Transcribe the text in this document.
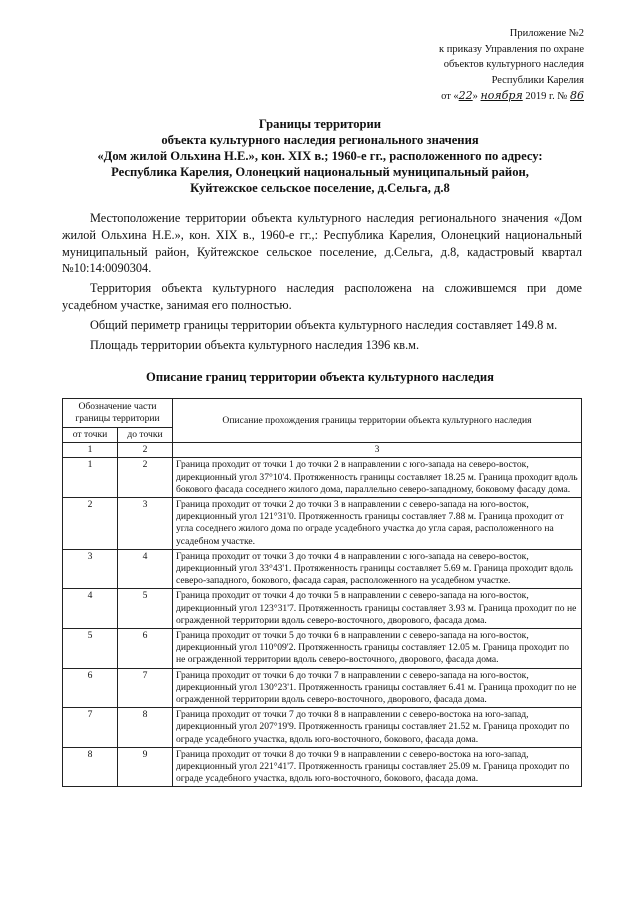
Приложение №2
к приказу Управления по охране
объектов культурного наследия
Республики Карелия
от «22» ноября 2019 г. № 86
Границы территории
объекта культурного наследия регионального значения
«Дом жилой Ольхина Н.Е.», кон. XIX в.; 1960-е гг., расположенного по адресу:
Республика Карелия, Олонецкий национальный муниципальный район,
Куйтежское сельское поселение, д.Сельга, д.8

Местоположение территории объекта культурного наследия регионального значения «Дом жилой Ольхина Н.Е.», кон. XIX в., 1960-е гг.,: Республика Карелия, Олонецкий национальный муниципальный район, Куйтежское сельское поселение, д.Сельга, д.8, кадастровый квартал №10:14:0090304.

Территория объекта культурного наследия расположена на сложившемся при доме усадебном участке, занимая его полностью.

Общий периметр границы территории объекта культурного наследия составляет 149.8 м.

Площадь территории объекта культурного наследия 1396 кв.м.

Описание границ территории объекта культурного наследия
Обозначение части границы территории		Описание прохождения границы территории объекта культурного наследия
от точки	до точки	
1	2	3
1	2	Граница проходит от точки 1 до точки 2 в направлении с юго-запада на северо-восток, дирекционный угол 37°10'4. Протяженность границы составляет 18.25 м. Граница проходит вдоль бокового фасада соседнего жилого дома, параллельно северо-западному, боковому фасаду дома.
2	3	Граница проходит от точки 2 до точки 3 в направлении с северо-запада на юго-восток, дирекционный угол 121°31'0. Протяженность границы составляет 7.88 м. Граница проходит от угла соседнего жилого дома по ограде усадебного участка до угла сарая, расположенного на усадебном участке.
3	4	Граница проходит от точки 3 до точки 4 в направлении с юго-запада на северо-восток, дирекционный угол 33°43'1. Протяженность границы составляет 5.69 м. Граница проходит вдоль северо-западного, бокового, фасада сарая, расположенного на усадебном участке.
4	5	Граница проходит от точки 4 до точки 5 в направлении с северо-запада на юго-восток, дирекционный угол 123°31'7. Протяженность границы составляет 3.93 м. Граница проходит по не огражденной территории вдоль северо-восточного, дворового, фасада дома.
5	6	Граница проходит от точки 5 до точки 6 в направлении с северо-запада на юго-восток, дирекционный угол 110°09'2. Протяженность границы составляет 12.05 м. Граница проходит по не огражденной территории вдоль северо-восточного, дворового, фасада дома.
6	7	Граница проходит от точки 6 до точки 7 в направлении с северо-запада на юго-восток, дирекционный угол 130°23'1. Протяженность границы составляет 6.41 м. Граница проходит по не огражденной территории вдоль северо-восточного, дворового, фасада дома.
7	8	Граница проходит от точки 7 до точки 8 в направлении с северо-востока на юго-запад, дирекционный угол 207°19'9. Протяженность границы составляет 21.52 м. Граница проходит по ограде усадебного участка, вдоль юго-восточного, бокового, фасада дома.
8	9	Граница проходит от точки 8 до точки 9 в направлении с северо-востока на юго-запад, дирекционный угол 221°41'7. Протяженность границы составляет 25.09 м. Граница проходит по ограде усадебного участка, вдоль юго-восточного, бокового, фасада дома.
